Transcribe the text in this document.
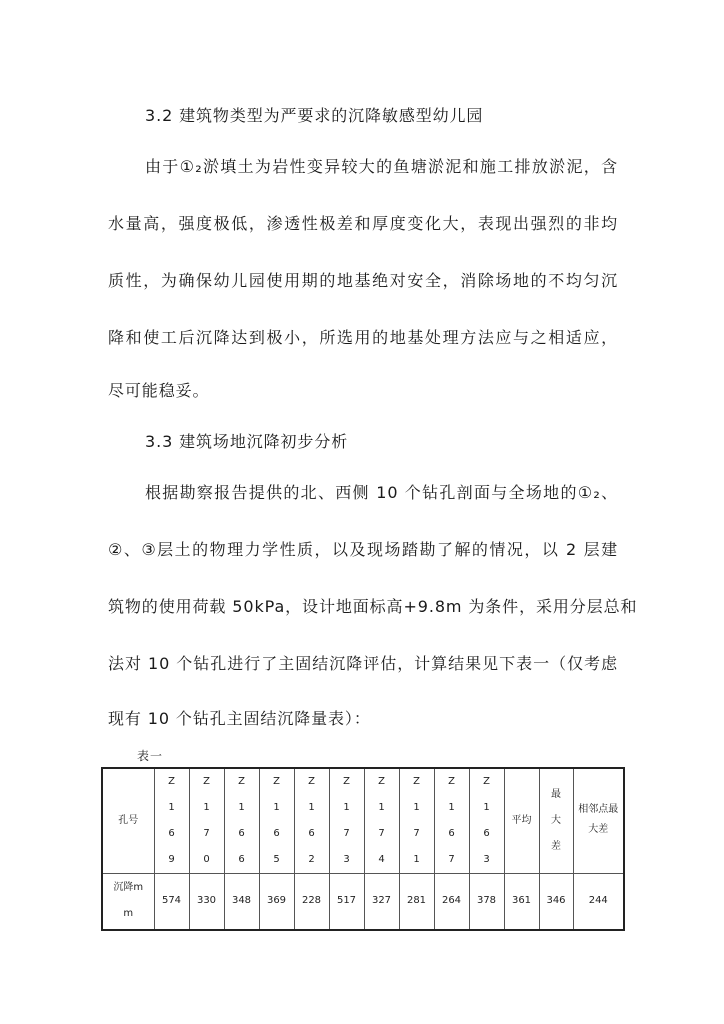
3.2 建筑物类型为严要求的沉降敏感型幼儿园
由于①₂淤填土为岩性变异较大的鱼塘淤泥和施工排放淤泥，含
水量高，强度极低，渗透性极差和厚度变化大，表现出强烈的非均
质性，为确保幼儿园使用期的地基绝对安全，消除场地的不均匀沉
降和使工后沉降达到极小，所选用的地基处理方法应与之相适应，
尽可能稳妥。
3.3 建筑场地沉降初步分析
根据勘察报告提供的北、西侧 10 个钻孔剖面与全场地的①₂、
②、③层土的物理力学性质，以及现场踏勘了解的情况，以 2 层建
筑物的使用荷载 50kPa，设计地面标高+9.8m 为条件，采用分层总和
法对 10 个钻孔进行了主固结沉降评估，计算结果见下表一（仅考虑
现有 10 个钻孔主固结沉降量表）：
表一
孔号	Z169	Z170	Z166	Z165	Z162	Z173	Z174	Z171	Z167	Z163	平均	最大差	相邻点最大差
沉降mm	574	330	348	369	228	517	327	281	264	378	361	346	244
